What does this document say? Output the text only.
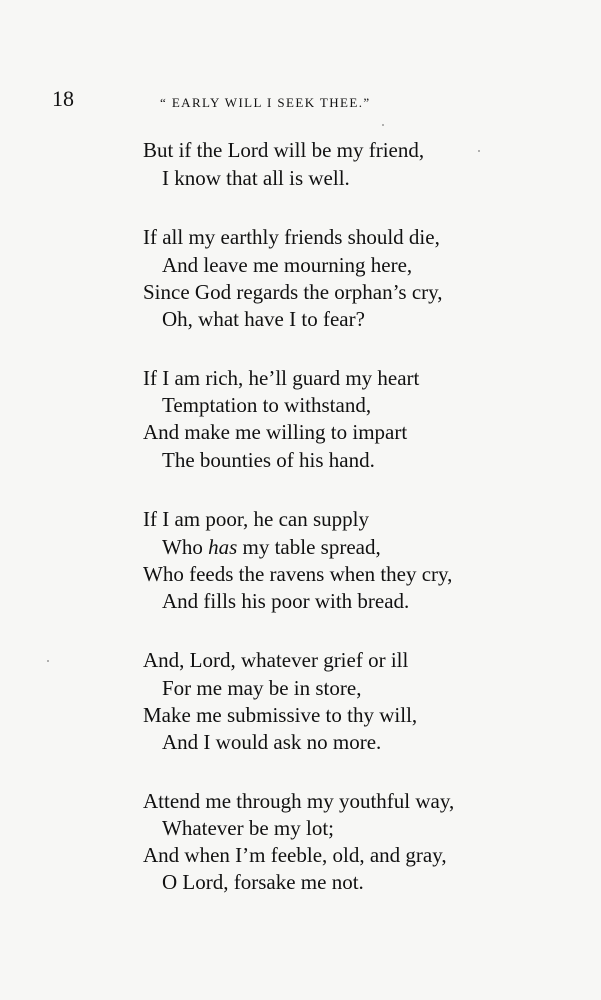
18	“ EARLY WILL I SEEK THEE.”
But if the Lord will be my friend,
I know that all is well.
If all my earthly friends should die,
And leave me mourning here,
Since God regards the orphan’s cry,
Oh, what have I to fear?
If I am rich, he’ll guard my heart
Temptation to withstand,
And make me willing to impart
The bounties of his hand.
If I am poor, he can supply
Who has my table spread,
Who feeds the ravens when they cry,
And fills his poor with bread.
And, Lord, whatever grief or ill
For me may be in store,
Make me submissive to thy will,
And I would ask no more.
Attend me through my youthful way,
Whatever be my lot;
And when I’m feeble, old, and gray,
O Lord, forsake me not.
